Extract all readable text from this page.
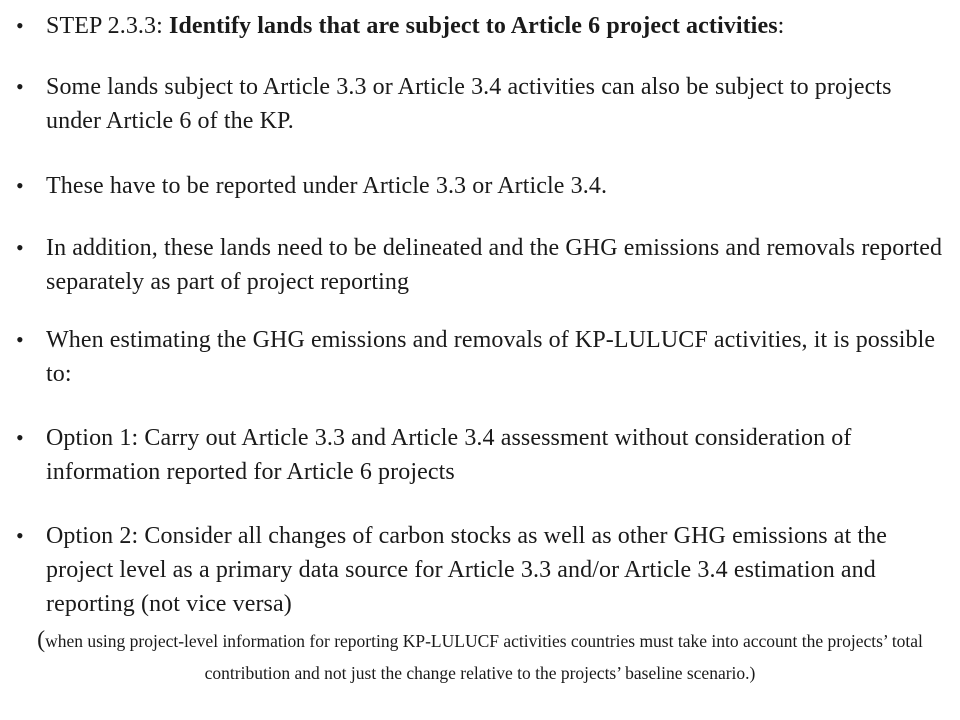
• STEP 2.3.3: Identify lands that are subject to Article 6 project activities:
• Some lands subject to Article 3.3 or Article 3.4 activities can also be subject to projects under Article 6 of the KP.
• These have to be reported under Article 3.3 or Article 3.4.
• In addition, these lands need to be delineated and the GHG emissions and removals reported separately as part of project reporting
• When estimating the GHG emissions and removals of KP-LULUCF activities, it is possible to:
• Option 1: Carry out Article 3.3 and Article 3.4 assessment without consideration of information reported for Article 6 projects
• Option 2: Consider all changes of carbon stocks as well as other GHG emissions at the project level as a primary data source for Article 3.3 and/or Article 3.4 estimation and reporting (not vice versa)
(when using project-level information for reporting KP-LULUCF activities countries must take into account the projects’ total contribution and not just the change relative to the projects’ baseline scenario.)
